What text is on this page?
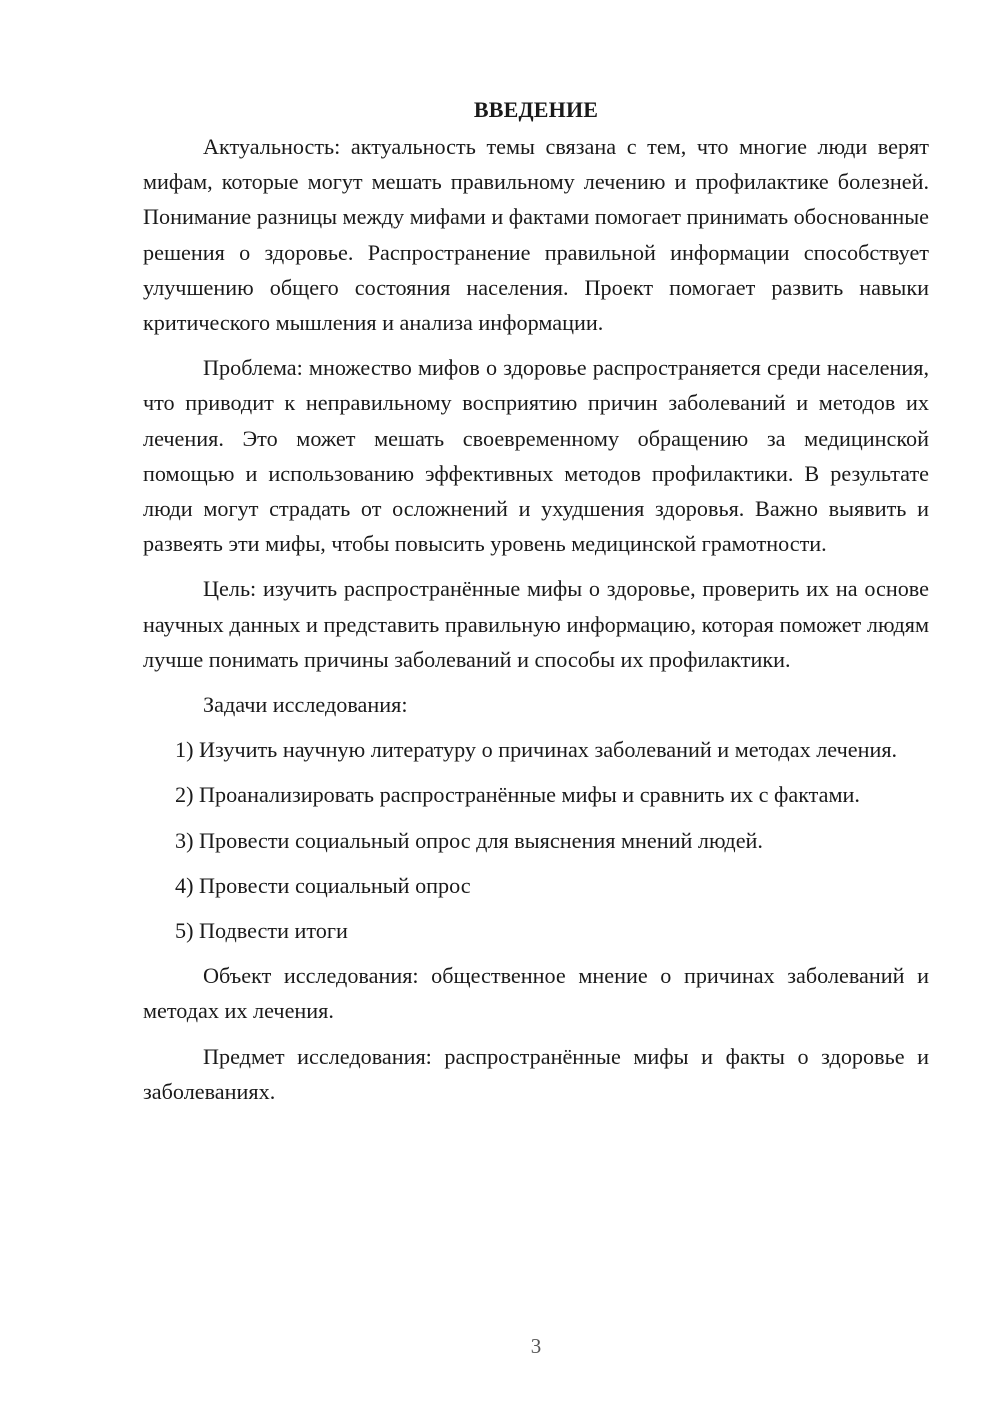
ВВЕДЕНИЕ

Актуальность: актуальность темы связана с тем, что многие люди верят мифам, которые могут мешать правильному лечению и профилактике болезней. Понимание разницы между мифами и фактами помогает принимать обоснованные решения о здоровье. Распространение правильной информации способствует улучшению общего состояния населения. Проект помогает развить навыки критического мышления и анализа информации.

Проблема: множество мифов о здоровье распространяется среди населения, что приводит к неправильному восприятию причин заболеваний и методов их лечения. Это может мешать своевременному обращению за медицинской помощью и использованию эффективных методов профилактики. В результате люди могут страдать от осложнений и ухудшения здоровья. Важно выявить и развеять эти мифы, чтобы повысить уровень медицинской грамотности.

Цель: изучить распространённые мифы о здоровье, проверить их на основе научных данных и представить правильную информацию, которая поможет людям лучше понимать причины заболеваний и способы их профилактики.

Задачи исследования:

1) Изучить научную литературу о причинах заболеваний и методах лечения.

2) Проанализировать распространённые мифы и сравнить их с фактами.

3) Провести социальный опрос для выяснения мнений людей.

4) Провести социальный опрос

5) Подвести итоги

Объект исследования: общественное мнение о причинах заболеваний и методах их лечения.

Предмет исследования: распространённые мифы и факты о здоровье и заболеваниях.

3
